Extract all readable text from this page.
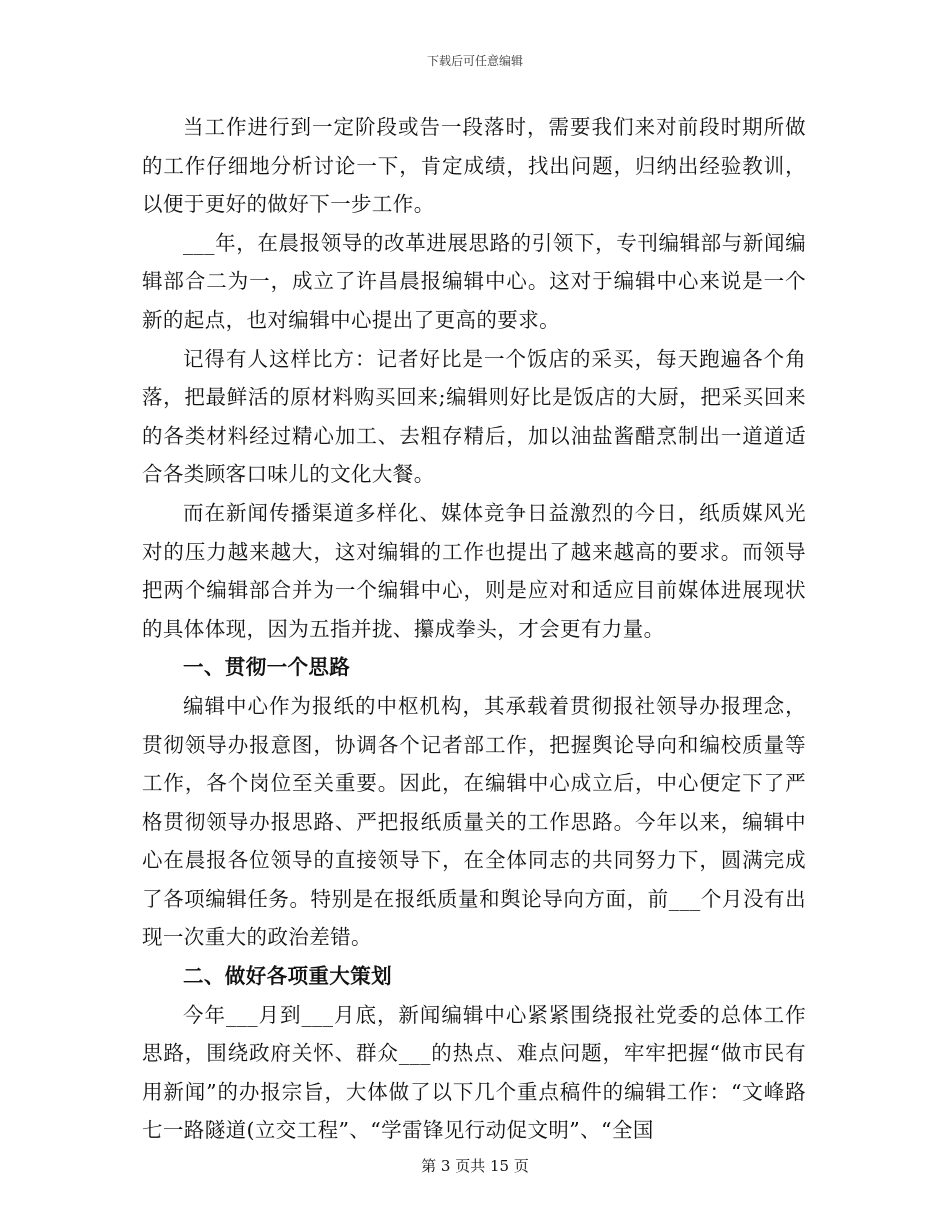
下载后可任意编辑

当工作进行到一定阶段或告一段落时，需要我们来对前段时期所做的工作仔细地分析讨论一下，肯定成绩，找出问题，归纳出经验教训，以便于更好的做好下一步工作。

___年，在晨报领导的改革进展思路的引领下，专刊编辑部与新闻编辑部合二为一，成立了许昌晨报编辑中心。这对于编辑中心来说是一个新的起点，也对编辑中心提出了更高的要求。

记得有人这样比方：记者好比是一个饭店的采买，每天跑遍各个角落，把最鲜活的原材料购买回来;编辑则好比是饭店的大厨，把采买回来的各类材料经过精心加工、去粗存精后，加以油盐酱醋烹制出一道道适合各类顾客口味儿的文化大餐。

而在新闻传播渠道多样化、媒体竞争日益激烈的今日，纸质媒风光对的压力越来越大，这对编辑的工作也提出了越来越高的要求。而领导把两个编辑部合并为一个编辑中心，则是应对和适应目前媒体进展现状的具体体现，因为五指并拢、攥成拳头，才会更有力量。

一、贯彻一个思路

编辑中心作为报纸的中枢机构，其承载着贯彻报社领导办报理念，贯彻领导办报意图，协调各个记者部工作，把握舆论导向和编校质量等工作，各个岗位至关重要。因此，在编辑中心成立后，中心便定下了严格贯彻领导办报思路、严把报纸质量关的工作思路。今年以来，编辑中心在晨报各位领导的直接领导下，在全体同志的共同努力下，圆满完成了各项编辑任务。特别是在报纸质量和舆论导向方面，前___个月没有出现一次重大的政治差错。

二、做好各项重大策划

今年___月到___月底，新闻编辑中心紧紧围绕报社党委的总体工作思路，围绕政府关怀、群众___的热点、难点问题，牢牢把握“做市民有用新闻”的办报宗旨，大体做了以下几个重点稿件的编辑工作：“文峰路七一路隧道(立交工程”、“学雷锋见行动促文明”、“全国

第 3 页共 15 页
